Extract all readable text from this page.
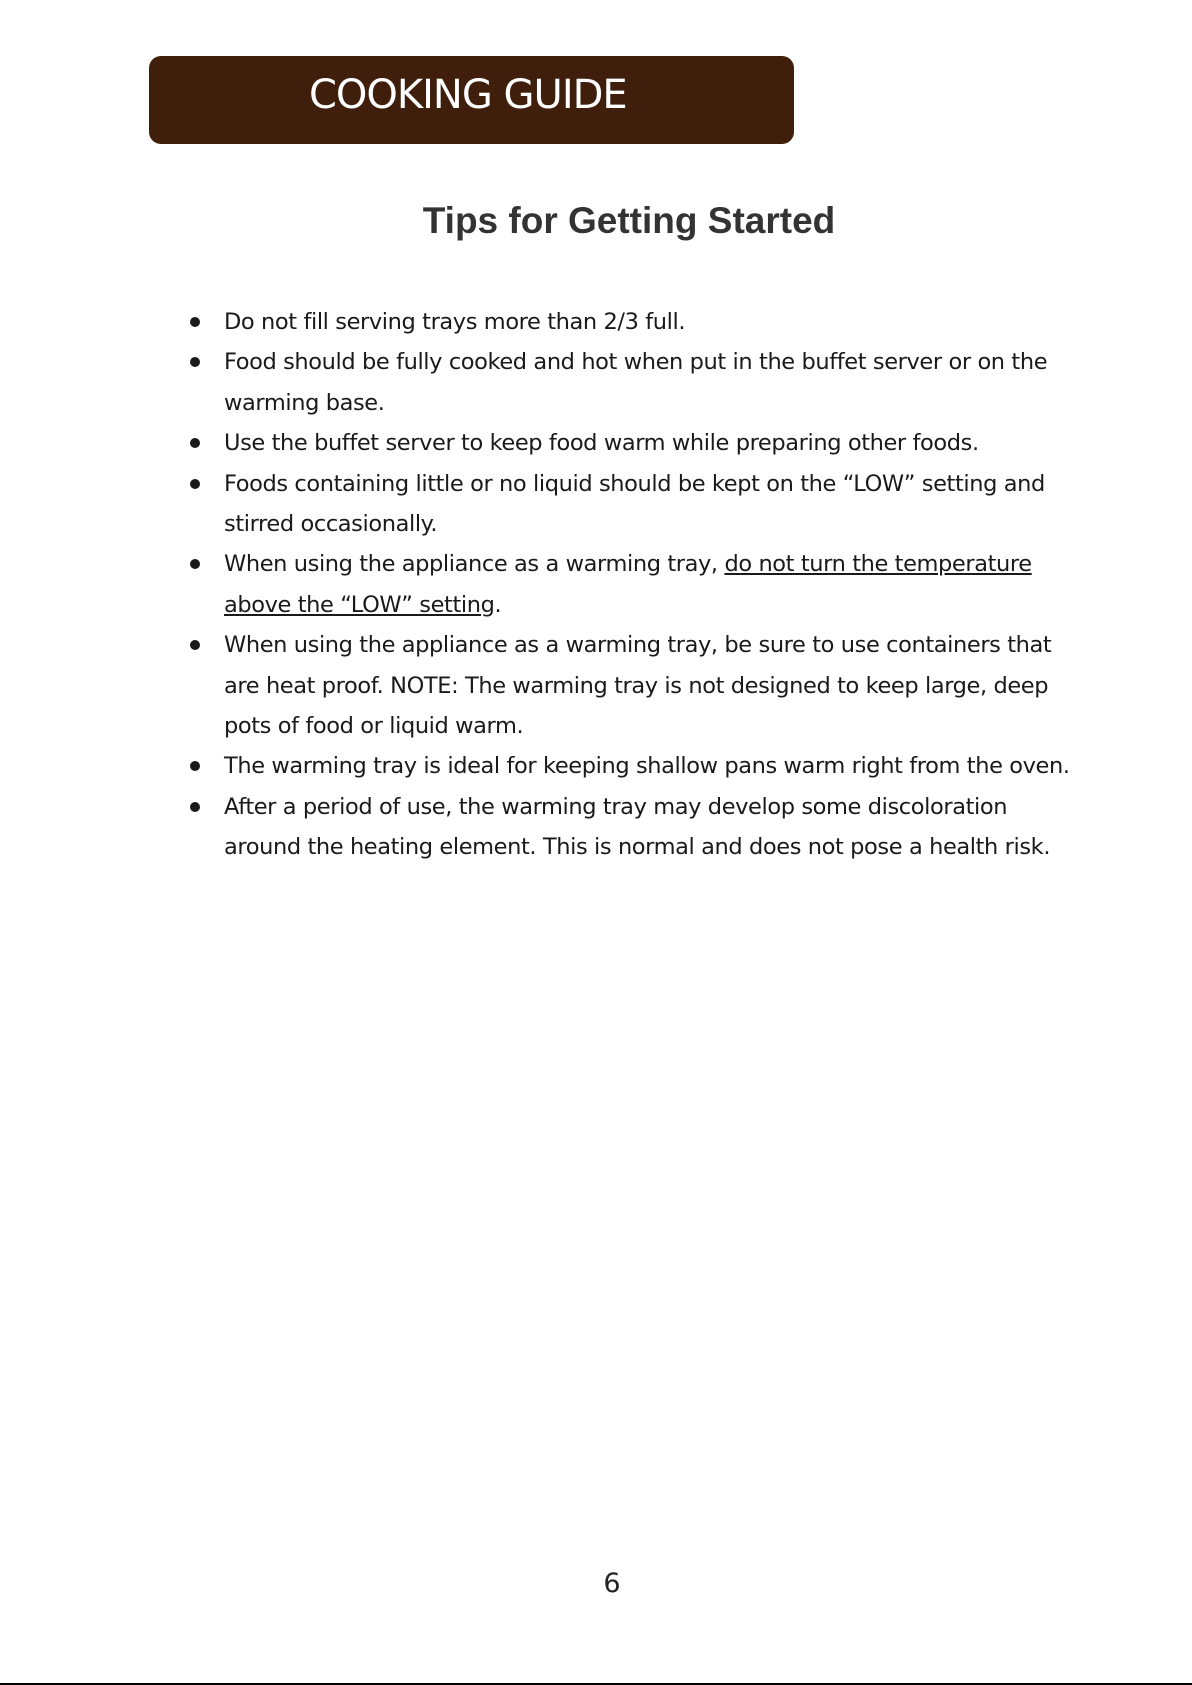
COOKING GUIDE
Tips for Getting Started
Do not fill serving trays more than 2/3 full.
Food should be fully cooked and hot when put in the buffet server or on the warming base.
Use the buffet server to keep food warm while preparing other foods.
Foods containing little or no liquid should be kept on the “LOW” setting and stirred occasionally.
When using the appliance as a warming tray, do not turn the temperature above the “LOW” setting.
When using the appliance as a warming tray, be sure to use containers that are heat proof. NOTE: The warming tray is not designed to keep large, deep pots of food or liquid warm.
The warming tray is ideal for keeping shallow pans warm right from the oven.
After a period of use, the warming tray may develop some discoloration around the heating element. This is normal and does not pose a health risk.
6
